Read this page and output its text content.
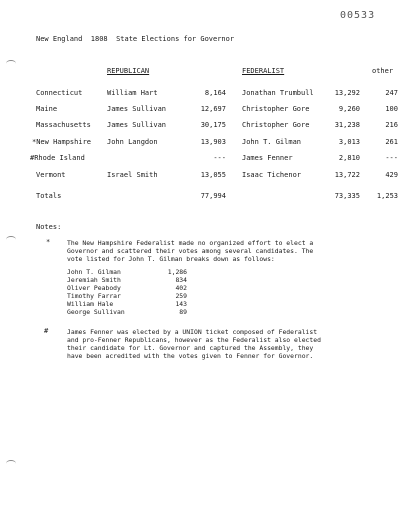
00533
New England  1808  State Elections for Governor
REPUBLICAN	FEDERALIST	other
Connecticut	William Hart	8,164 Jonathan Trumbull	13,292	247
Maine	James Sullivan	12,697 Christopher Gore	9,260	100
Massachusetts James Sullivan	30,175 Christopher Gore	31,238	216
*New Hampshire John Langdon	13,903 John T. Gilman	3,013	261
#Rhode Island	--- James Fenner	2,810	---
Vermont	Israel Smith	13,055 Isaac Tichenor	13,722	429
Totals	77,994	73,335	1,253
Notes:
*	The New Hampshire Federalist made no organized effort to elect a
Governor and scattered their votes among several candidates. The
vote listed for John T. Gilman breaks down as follows:
John T. Gilman	1,286
Jeremiah Smith	834
Oliver Peabody	402
Timothy Farrar	259
William Hale	143
George Sullivan	89
#	James Fenner was elected by a UNION ticket composed of Federalist
and pro-Fenner Republicans, however as the Federalist also elected
their candidate for Lt. Governor and captured the Assembly, they
have been acredited with the votes given to Fenner for Governor.
